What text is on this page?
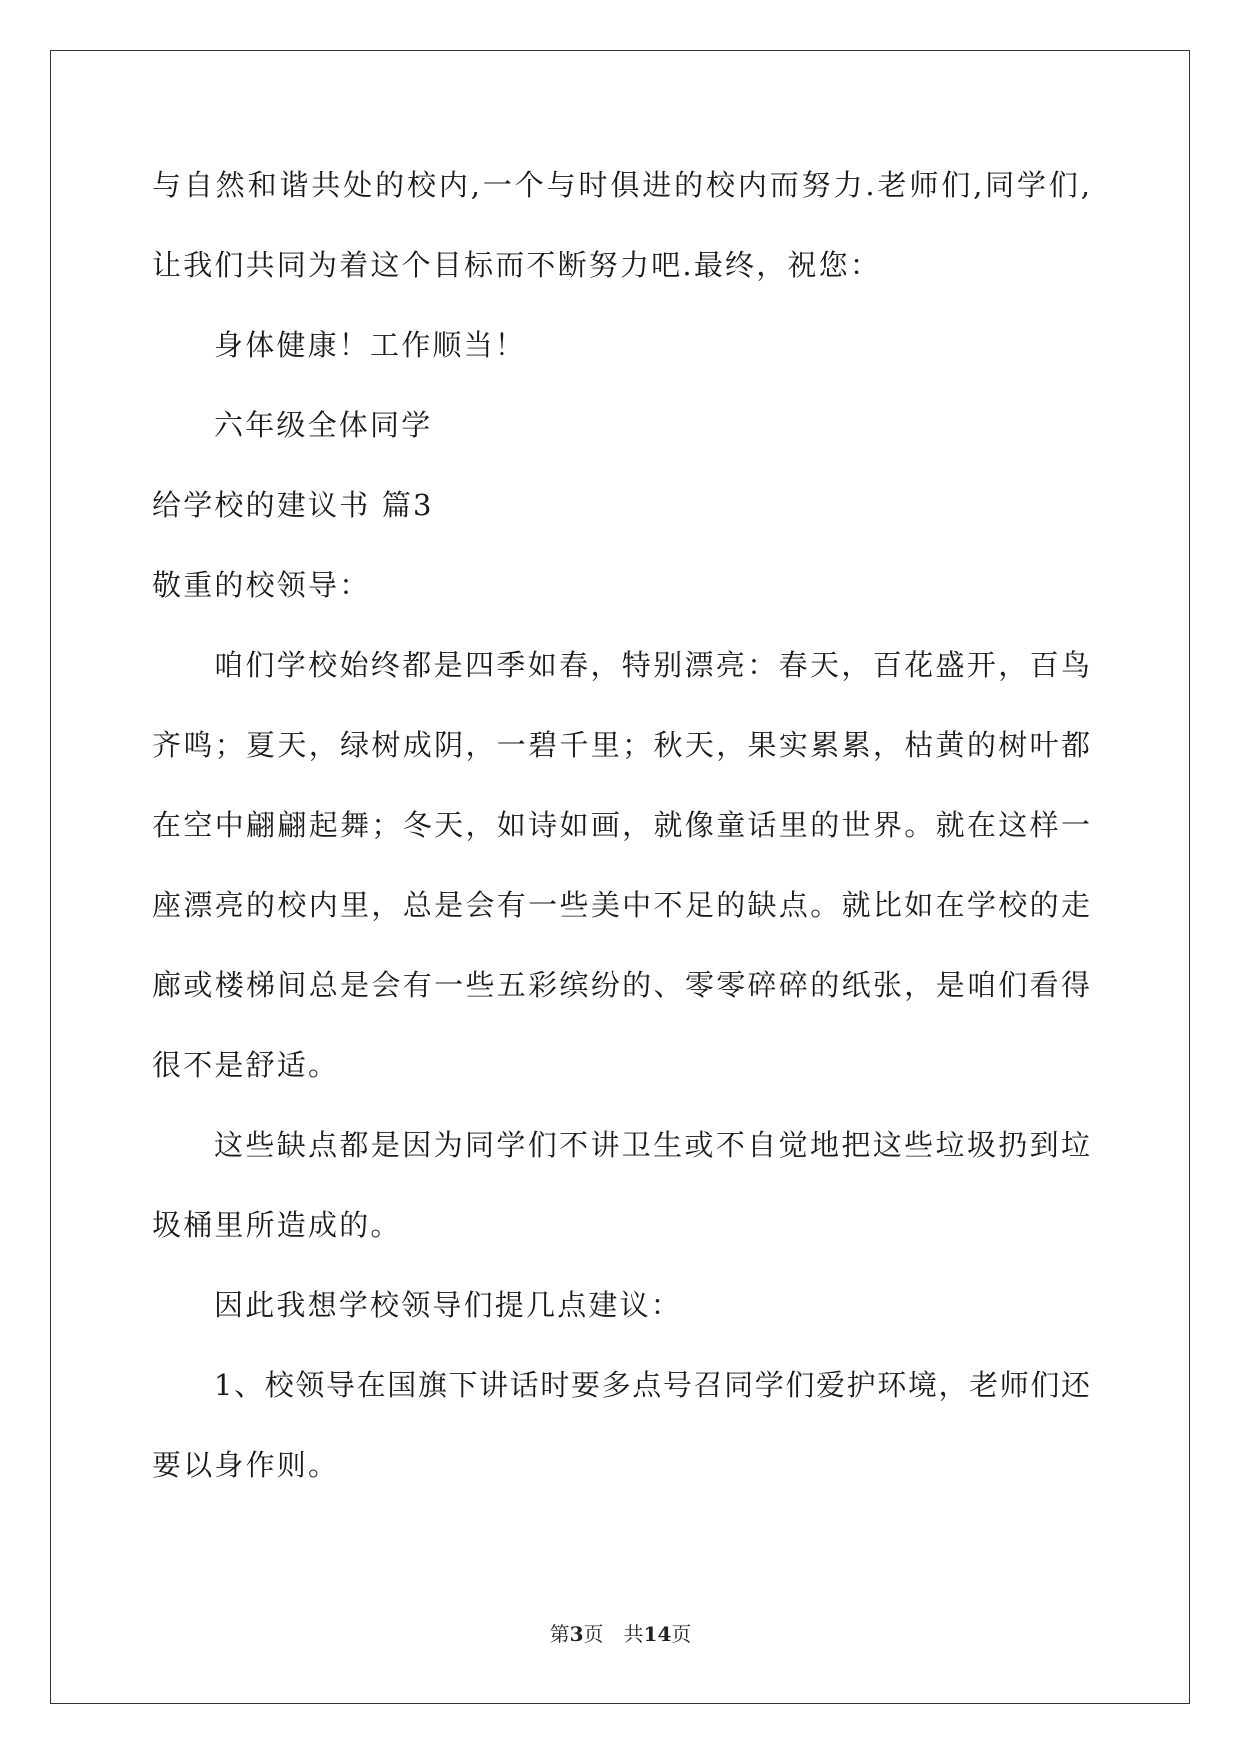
与自然和谐共处的校内,一个与时俱进的校内而努力.老师们,同学们,
让我们共同为着这个目标而不断努力吧.最终，祝您：
身体健康！工作顺当！
六年级全体同学
给学校的建议书 篇3
敬重的校领导：
咱们学校始终都是四季如春，特别漂亮：春天，百花盛开，百鸟
齐鸣；夏天，绿树成阴，一碧千里；秋天，果实累累，枯黄的树叶都
在空中翩翩起舞；冬天，如诗如画，就像童话里的世界。就在这样一
座漂亮的校内里，总是会有一些美中不足的缺点。就比如在学校的走
廊或楼梯间总是会有一些五彩缤纷的、零零碎碎的纸张，是咱们看得
很不是舒适。
这些缺点都是因为同学们不讲卫生或不自觉地把这些垃圾扔到垃
圾桶里所造成的。
因此我想学校领导们提几点建议：
1、校领导在国旗下讲话时要多点号召同学们爱护环境，老师们还
要以身作则。
第3页　共14页
